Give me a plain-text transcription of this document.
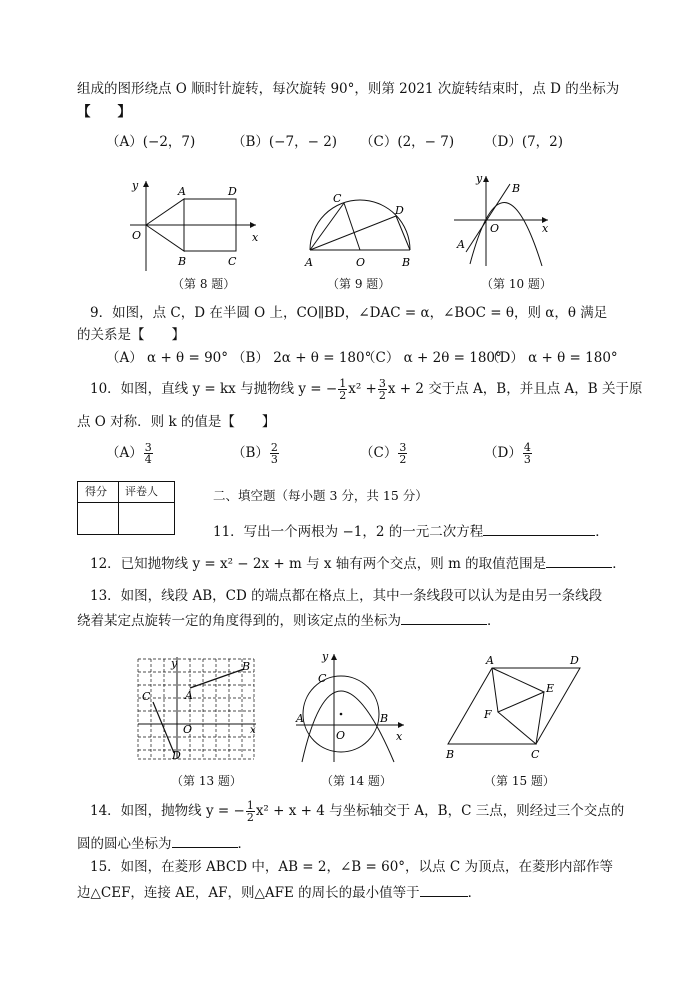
组成的图形绕点 O 顺时针旋转，每次旋转 90°，则第 2021 次旋转结束时，点 D 的坐标为
【　　】
（A）(−2，7)	（B）(−7，− 2) （C）(2，− 7) （D）(7，2)
y
x
O
A	D
B	C
（第 8 题）
C
D
A	O	B
（第 9 题）
y
x
O
A
B
（第 10 题）
9．如图，点 C，D 在半圆 O 上，CO∥BD，∠DAC = α，∠BOC = θ，则 α，θ 满足
的关系是【　　】
（A） α + θ = 90° （B） 2α + θ = 180°
（C） α + 2θ = 180°
（D） α + θ = 180°
10．如图，直线 y = kx 与抛物线 y = − $\frac{1}{2} x^2 + \frac{3}{2}$ x + 2 交于点 A，B，并且点 A，B 关于原
点 O 对称．则 k 的值是【　　】
$(A) \frac{3}{4}$	$(B) \frac{2}{3}$	$(C) \frac{3}{2}$	$(D) \frac{4}{3}$
得分 评卷人	二、填空题（每小题 3 分，共 15 分）
11．写出一个两根为 −1，2 的一元二次方程	．
12．已知抛物线 y = x² − 2x + m 与 x 轴有两个交点，则 m 的取值范围是	．
13．如图，线段 AB，CD 的端点都在格点上，其中一条线段可以认为是由另一条线段
绕着某定点旋转一定的角度得到的，则该定点的坐标为	．
y	B
C	A
O	x
D
（第 13 题）
y
C
A	B
O	x
（第 14 题）
A	D
E
F
B	C
（第 15 题）
14．如图，抛物线 y = − $\frac{1}{2} x^2 + x + 4$ 与坐标轴交于 A，B，C 三点，则经过三个交点的
圆的圆心坐标为	．
15．如图，在菱形 ABCD 中，AB = 2，∠B = 60°，以点 C 为顶点，在菱形内部作等
边△CEF，连接 AE，AF，则△AFE 的周长的最小值等于	．
